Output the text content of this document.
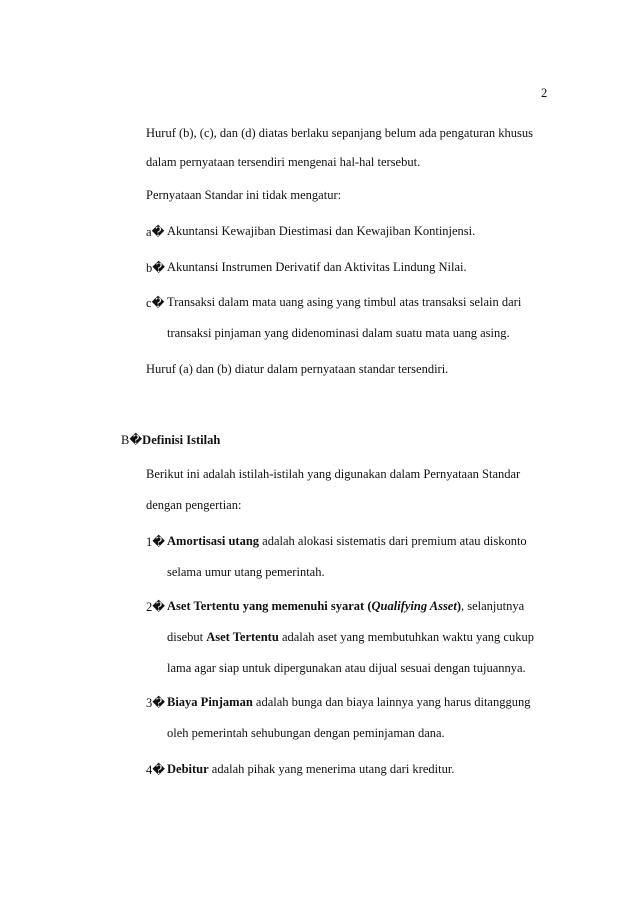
2
Huruf (b), (c), dan (d) diatas berlaku sepanjang belum ada pengaturan khusus
dalam pernyataan tersendiri mengenai hal-hal tersebut.
Pernyataan Standar ini tidak mengatur:
a� Akuntansi Kewajiban Diestimasi dan Kewajiban Kontinjensi.
b� Akuntansi Instrumen Derivatif dan Aktivitas Lindung Nilai.
c� Transaksi dalam mata uang asing yang timbul atas transaksi selain dari
transaksi pinjaman yang didenominasi dalam suatu mata uang asing.
Huruf (a) dan (b) diatur dalam pernyataan standar tersendiri.
B�Definisi Istilah
Berikut ini adalah istilah-istilah yang digunakan dalam Pernyataan Standar
dengan pengertian:
1� Amortisasi utang adalah alokasi sistematis dari premium atau diskonto
selama umur utang pemerintah.
2� Aset Tertentu yang memenuhi syarat (Qualifying Asset), selanjutnya
disebut Aset Tertentu adalah aset yang membutuhkan waktu yang cukup
lama agar siap untuk dipergunakan atau dijual sesuai dengan tujuannya.
3� Biaya Pinjaman adalah bunga dan biaya lainnya yang harus ditanggung
oleh pemerintah sehubungan dengan peminjaman dana.
4� Debitur adalah pihak yang menerima utang dari kreditur.
